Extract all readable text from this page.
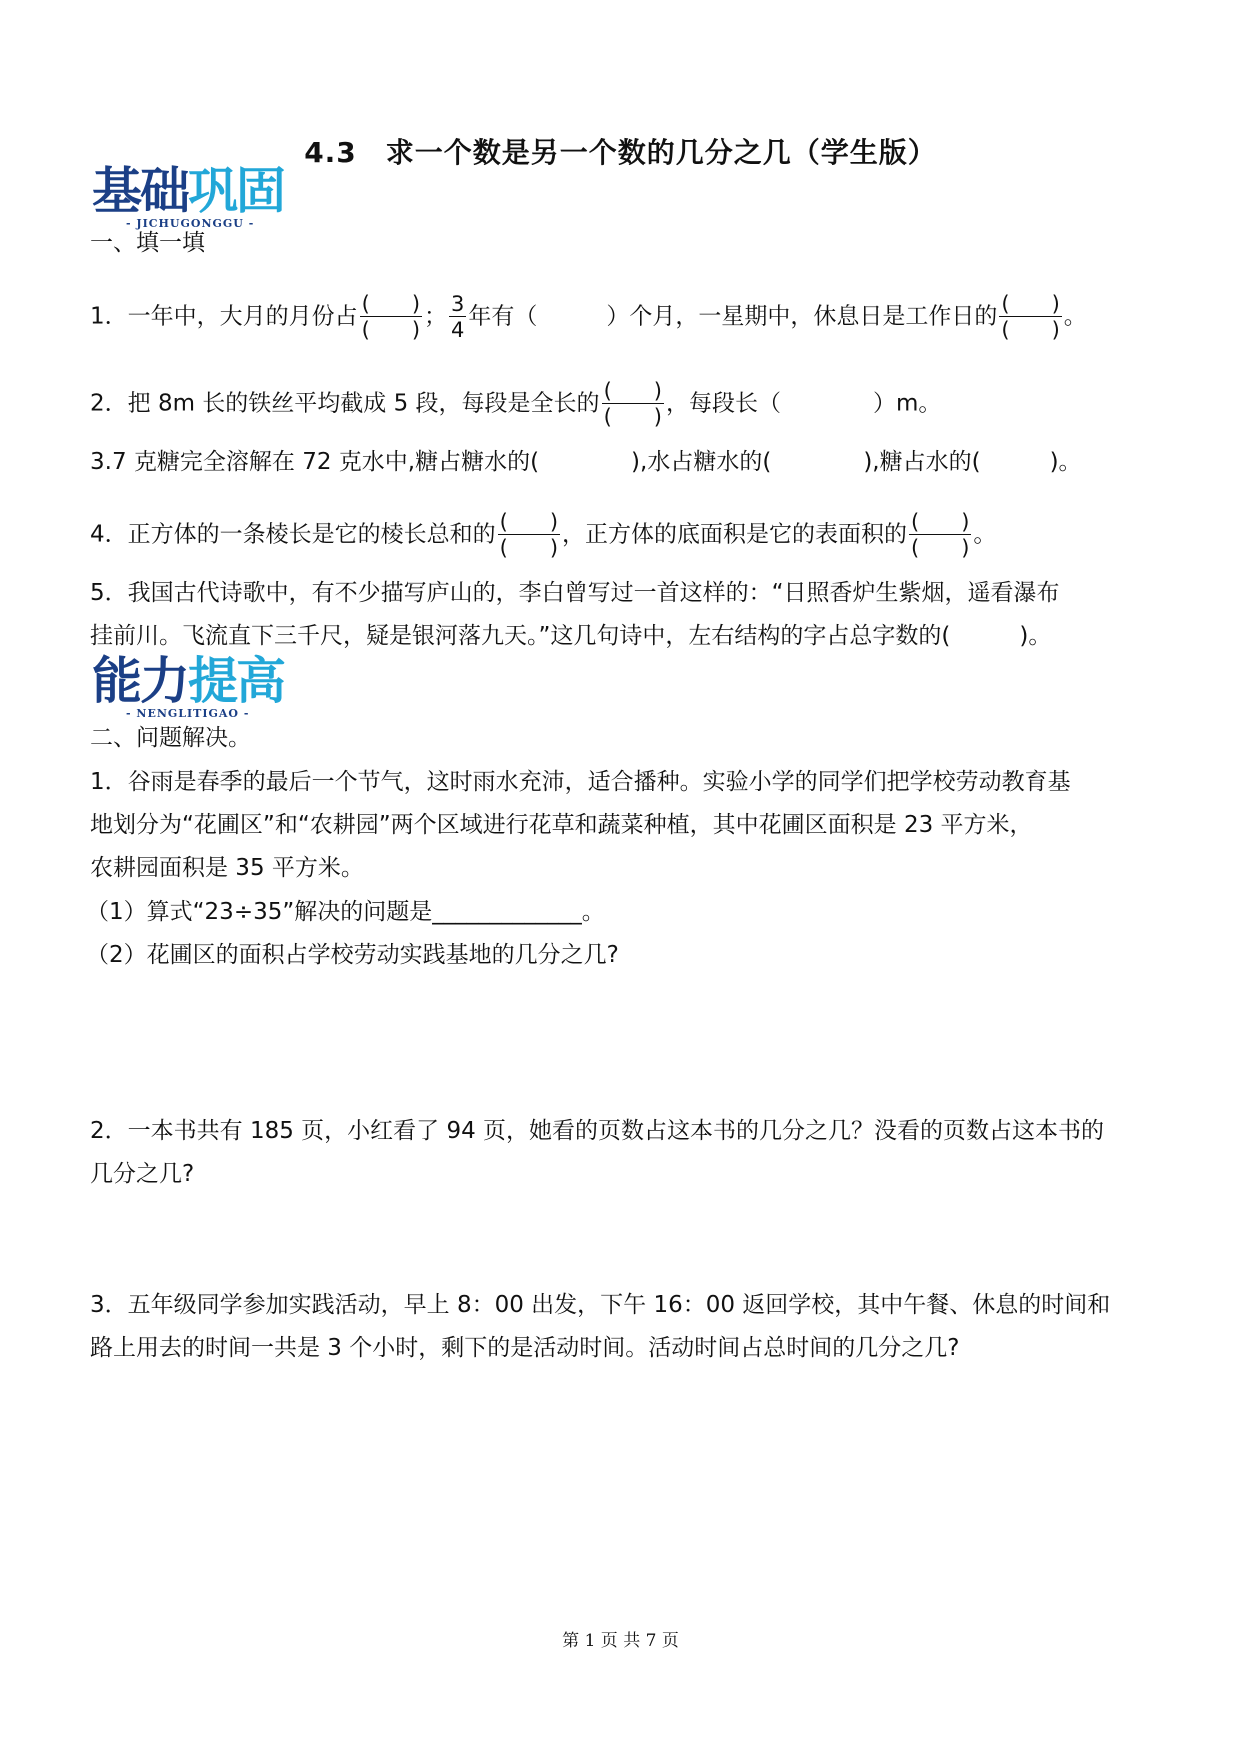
4.3　求一个数是另一个数的几分之几（学生版）
基础巩固
- JICHUGONGGU -
一、填一填
1．一年中，大月的月份占 $\frac{( )}{( )}$ ； $\frac{3}{4}$ 年有（　　　）个月，一星期中，休息日是工作日的 $\frac{( )}{( )}$ 。
2．把 8m 长的铁丝平均截成 5 段，每段是全长的 $\frac{( )}{( )}$ ，每段长（　　　　）m。
3.7 克糖完全溶解在 72 克水中,糖占糖水的(　　　　),水占糖水的(　　　　),糖占水的(　　　)。
4．正方体的一条棱长是它的棱长总和的 $\frac{( )}{( )}$ ，正方体的底面积是它的表面积的 $\frac{( )}{( )}$ 。
5．我国古代诗歌中，有不少描写庐山的，李白曾写过一首这样的：“日照香炉生紫烟，遥看瀑布
挂前川。飞流直下三千尺，疑是银河落九天。”这几句诗中，左右结构的字占总字数的(　　　)。
能力提高
- NENGLITIGAO -
二、问题解决。
1．谷雨是春季的最后一个节气，这时雨水充沛，适合播种。实验小学的同学们把学校劳动教育基
地划分为“花圃区”和“农耕园”两个区域进行花草和蔬菜种植，其中花圃区面积是 23 平方米，
农耕园面积是 35 平方米。
（1）算式“23÷35”解决的问题是_____________。
（2）花圃区的面积占学校劳动实践基地的几分之几?
2．一本书共有 185 页，小红看了 94 页，她看的页数占这本书的几分之几？没看的页数占这本书的
几分之几?
3．五年级同学参加实践活动，早上 8：00 出发，下午 16：00 返回学校，其中午餐、休息的时间和
路上用去的时间一共是 3 个小时，剩下的是活动时间。活动时间占总时间的几分之几?
第 1 页 共 7 页
